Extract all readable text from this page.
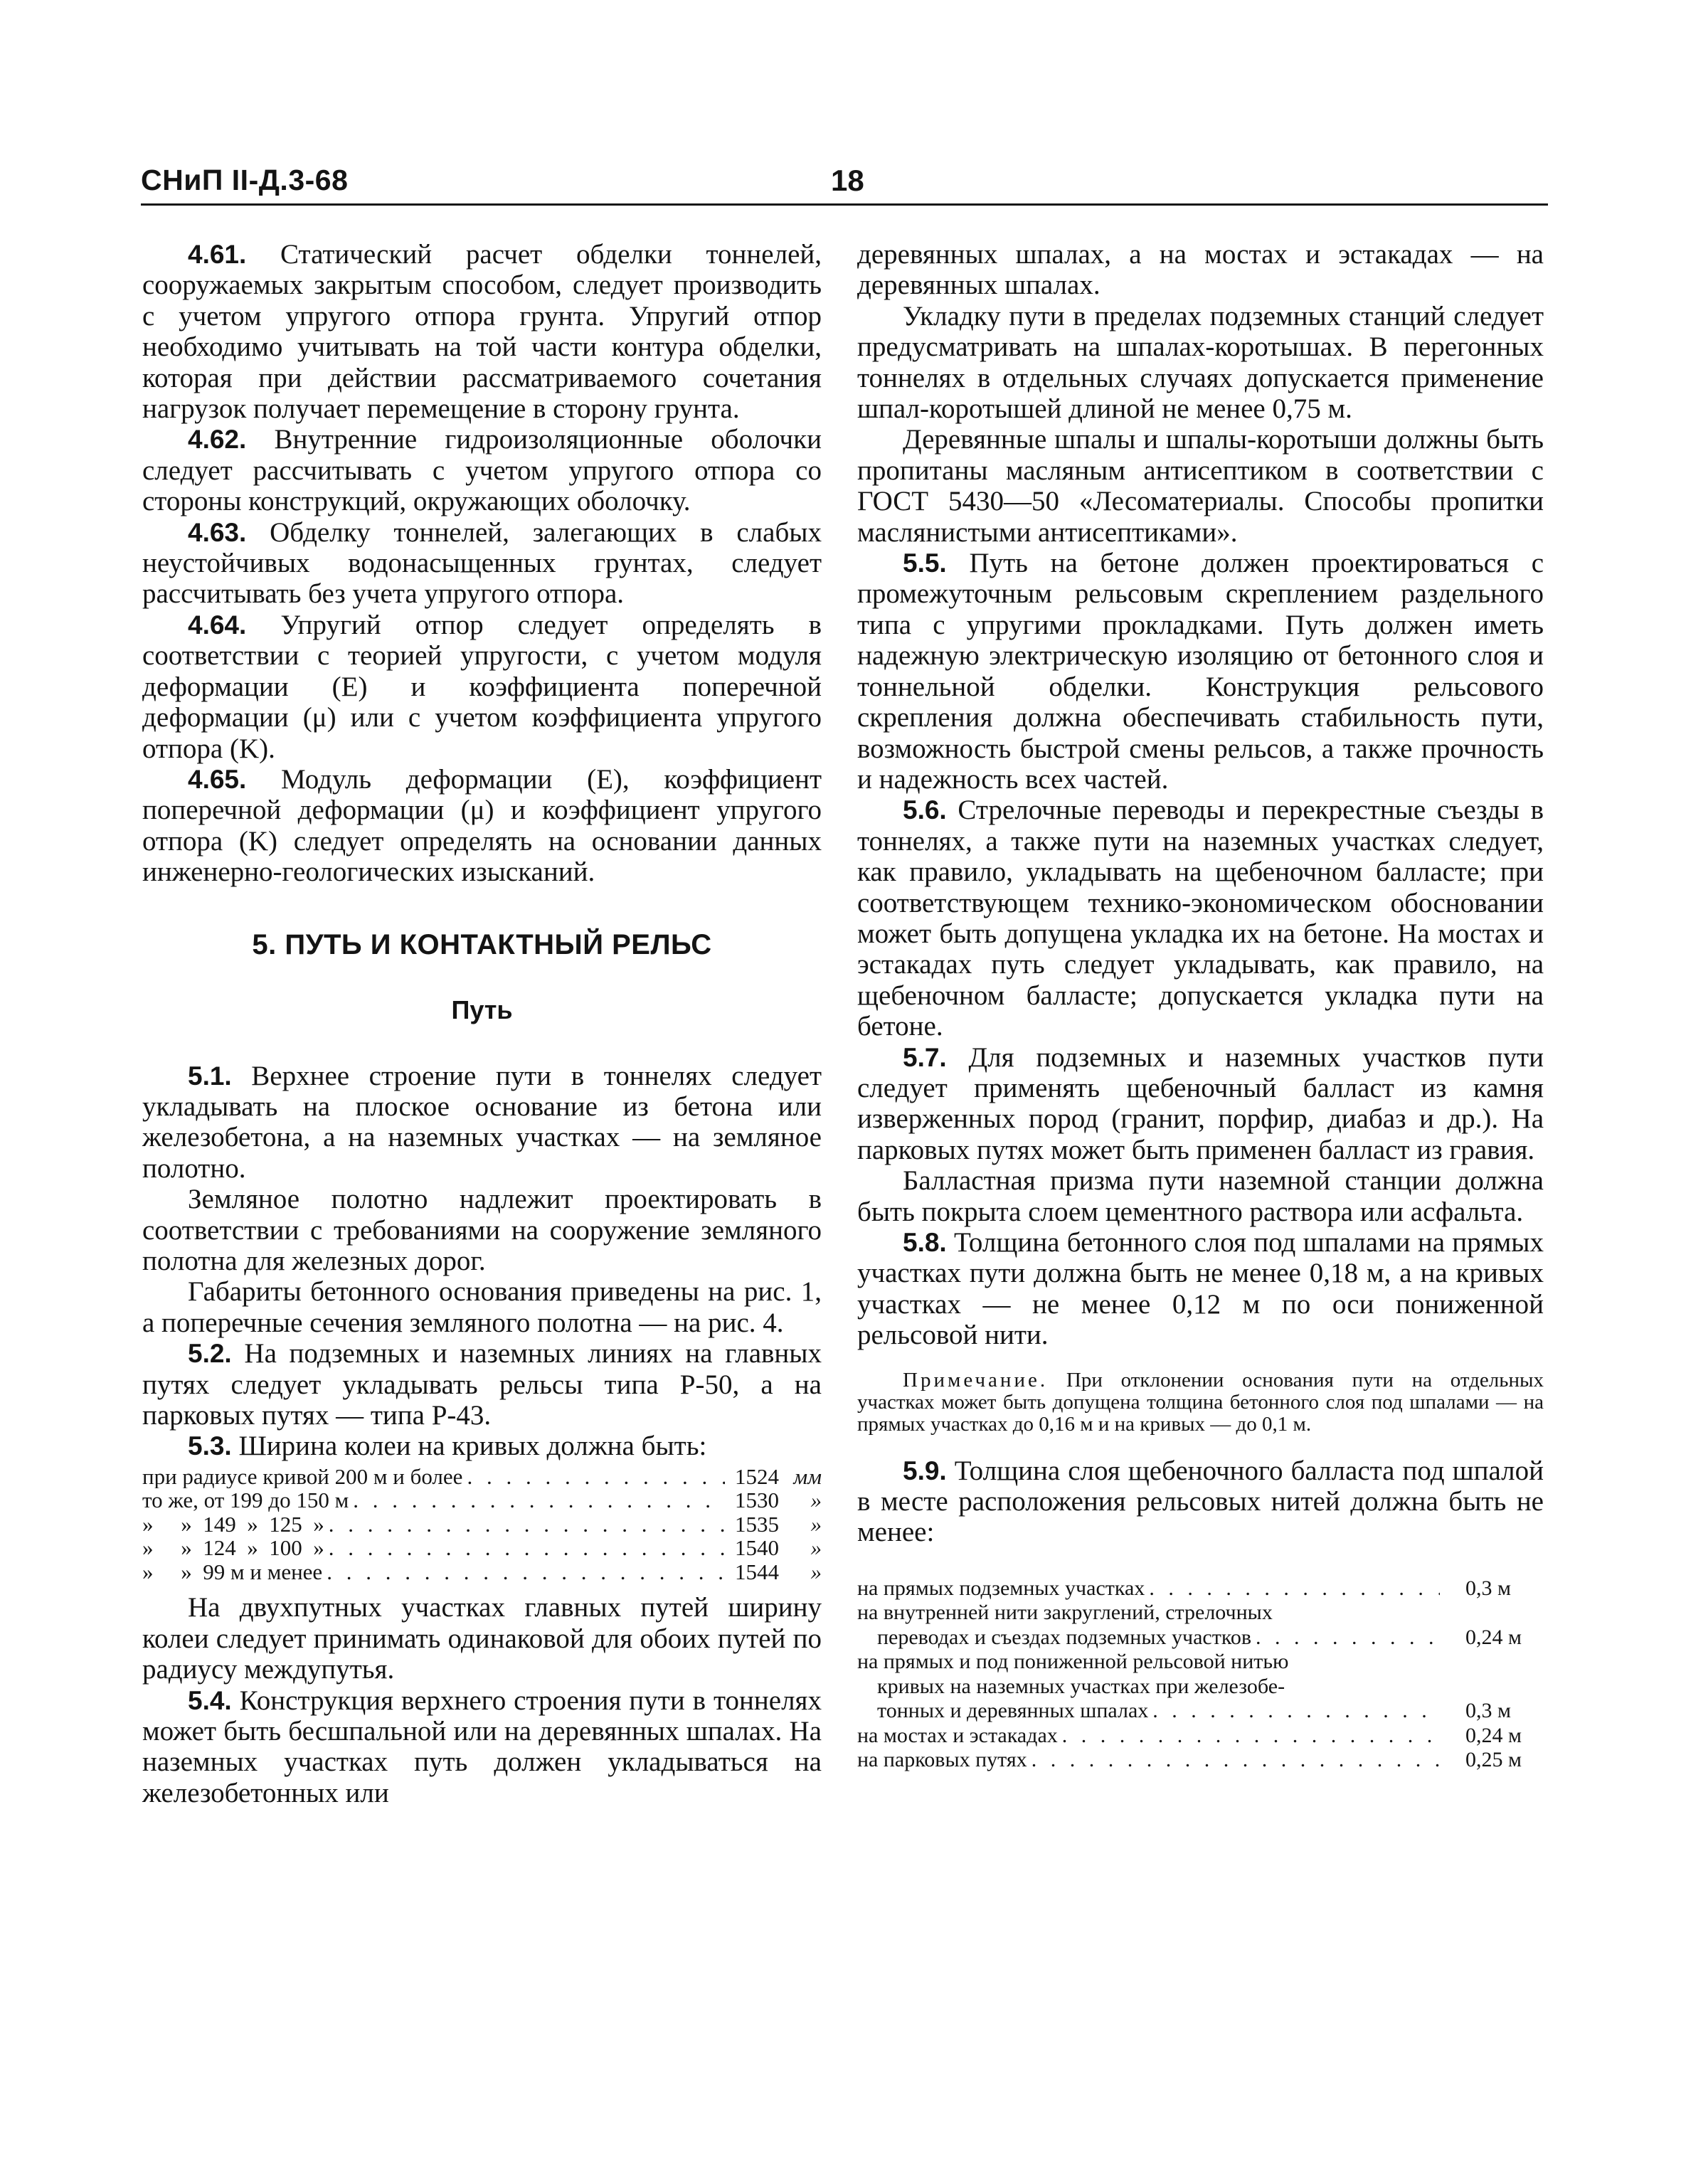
СНиП II-Д.3-68	18

4.61. Статический расчет обделки тоннелей, сооружаемых закрытым способом, следует производить с учетом упругого отпора грунта. Упругий отпор необходимо учитывать на той части контура обделки, которая при действии рассматриваемого сочетания нагрузок получает перемещение в сторону грунта.

4.62. Внутренние гидроизоляционные оболочки следует рассчитывать с учетом упругого отпора со стороны конструкций, окружающих оболочку.

4.63. Обделку тоннелей, залегающих в слабых неустойчивых водонасыщенных грунтах, следует рассчитывать без учета упругого отпора.

4.64. Упругий отпор следует определять в соответствии с теорией упругости, с учетом модуля деформации (E) и коэффициента поперечной деформации (μ) или с учетом коэффициента упругого отпора (K).

4.65. Модуль деформации (E), коэффициент поперечной деформации (μ) и коэффициент упругого отпора (K) следует определять на основании данных инженерно-геологических изысканий.

5. ПУТЬ И КОНТАКТНЫЙ РЕЛЬС
Путь

5.1. Верхнее строение пути в тоннелях следует укладывать на плоское основание из бетона или железобетона, а на наземных участках — на земляное полотно.

Земляное полотно надлежит проектировать в соответствии с требованиями на сооружение земляного полотна для железных дорог.

Габариты бетонного основания приведены на рис. 1, а поперечные сечения земляного полотна — на рис. 4.

5.2. На подземных и наземных линиях на главных путях следует укладывать рельсы типа Р-50, а на парковых путях — типа Р-43.

5.3. Ширина колеи на кривых должна быть:

при радиусе кривой 200 м и более . . .	1524 мм
то же, от 199 до 150 м . . .	1530	»
»     »  149  »  125  » . . .	1535	»
»     »  124  »  100  » . . .	1540	»
»     »  99 м и менее . . .	1544	»

На двухпутных участках главных путей ширину колеи следует принимать одинаковой для обоих путей по радиусу междупутья.

5.4. Конструкция верхнего строения пути в тоннелях может быть бесшпальной или на деревянных шпалах. На наземных участках путь должен укладываться на железобетонных или

деревянных шпалах, а на мостах и эстакадах — на деревянных шпалах.

Укладку пути в пределах подземных станций следует предусматривать на шпалах-коротышах. В перегонных тоннелях в отдельных случаях допускается применение шпал-коротышей длиной не менее 0,75 м.

Деревянные шпалы и шпалы-коротыши должны быть пропитаны масляным антисептиком в соответствии с ГОСТ 5430—50 «Лесоматериалы. Способы пропитки маслянистыми антисептиками».

5.5. Путь на бетоне должен проектироваться с промежуточным рельсовым скреплением раздельного типа с упругими прокладками. Путь должен иметь надежную электрическую изоляцию от бетонного слоя и тоннельной обделки. Конструкция рельсового скрепления должна обеспечивать стабильность пути, возможность быстрой смены рельсов, а также прочность и надежность всех частей.

5.6. Стрелочные переводы и перекрестные съезды в тоннелях, а также пути на наземных участках следует, как правило, укладывать на щебеночном балласте; при соответствующем технико-экономическом обосновании может быть допущена укладка их на бетоне. На мостах и эстакадах путь следует укладывать, как правило, на щебеночном балласте; допускается укладка пути на бетоне.

5.7. Для подземных и наземных участков пути следует применять щебеночный балласт из камня изверженных пород (гранит, порфир, диабаз и др.). На парковых путях может быть применен балласт из гравия.

Балластная призма пути наземной станции должна быть покрыта слоем цементного раствора или асфальта.

5.8. Толщина бетонного слоя под шпалами на прямых участках пути должна быть не менее 0,18 м, а на кривых участках — не менее 0,12 м по оси пониженной рельсовой нити.

Примечание. При отклонении основания пути на отдельных участках может быть допущена толщина бетонного слоя под шпалами — на прямых участках до 0,16 м и на кривых — до 0,1 м.

5.9. Толщина слоя щебеночного балласта под шпалой в месте расположения рельсовых нитей должна быть не менее:

на прямых подземных участках . . .	0,3 м
на внутренней нити закруглений, стрелочных
переводах и съездах подземных участков . . .	0,24 м
на прямых и под пониженной рельсовой нитью
кривых на наземных участках при железобе-
тонных и деревянных шпалах . . .	0,3 м
на мостах и эстакадах . . .	0,24 м
на парковых путях . . .	0,25 м
